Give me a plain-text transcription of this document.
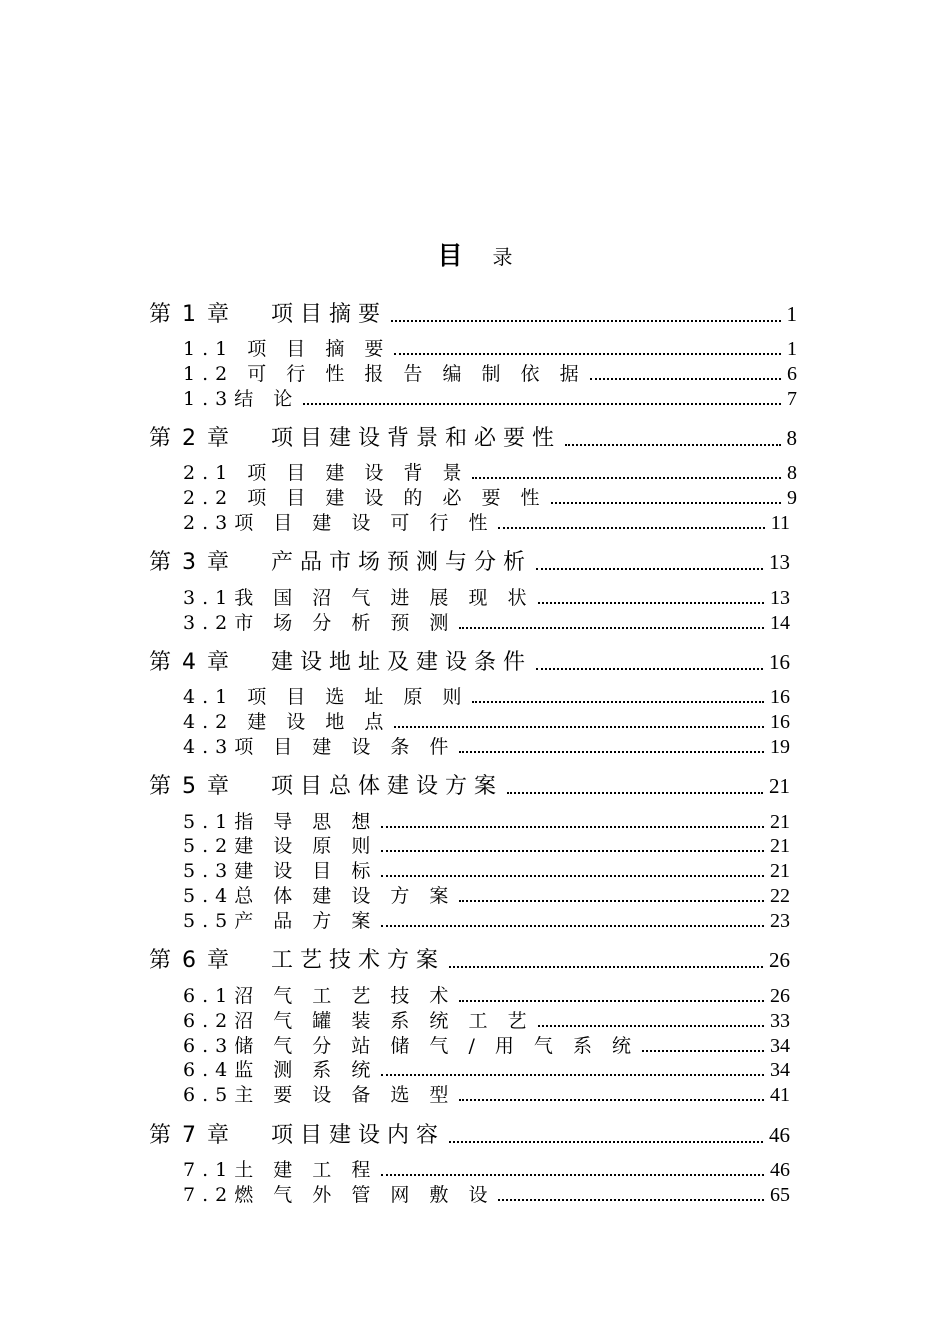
目 录
第 1 章 项目摘要	1
1.1 项 目 摘 要	1
1.2 可 行 性 报 告 编 制 依 据	6
1.3结 论	7
第 2 章 项目建设背景和必要性	8
2.1 项 目 建 设 背 景	8
2.2 项 目 建 设 的 必 要 性	9
2.3项 目 建 设 可 行 性	11
第 3 章 产品市场预测与分析	13
3.1我 国 沼 气 进 展 现 状	13
3.2市 场 分 析 预 测	14
第 4 章 建设地址及建设条件	16
4.1 项 目 选 址 原 则	16
4.2 建 设 地 点	16
4.3项 目 建 设 条 件	19
第 5 章 项目总体建设方案	21
5.1指 导 思 想	21
5.2建 设 原 则	21
5.3建 设 目 标	21
5.4总 体 建 设 方 案	22
5.5产 品 方 案	23
第 6 章 工艺技术方案	26
6.1沼 气 工 艺 技 术	26
6.2沼 气 罐 装 系 统 工 艺	33
6.3储 气 分 站 储 气 / 用 气 系 统	34
6.4监 测 系 统	34
6.5主 要 设 备 选 型	41
第 7 章 项目建设内容	46
7.1土 建 工 程	46
7.2燃 气 外 管 网 敷 设	65
